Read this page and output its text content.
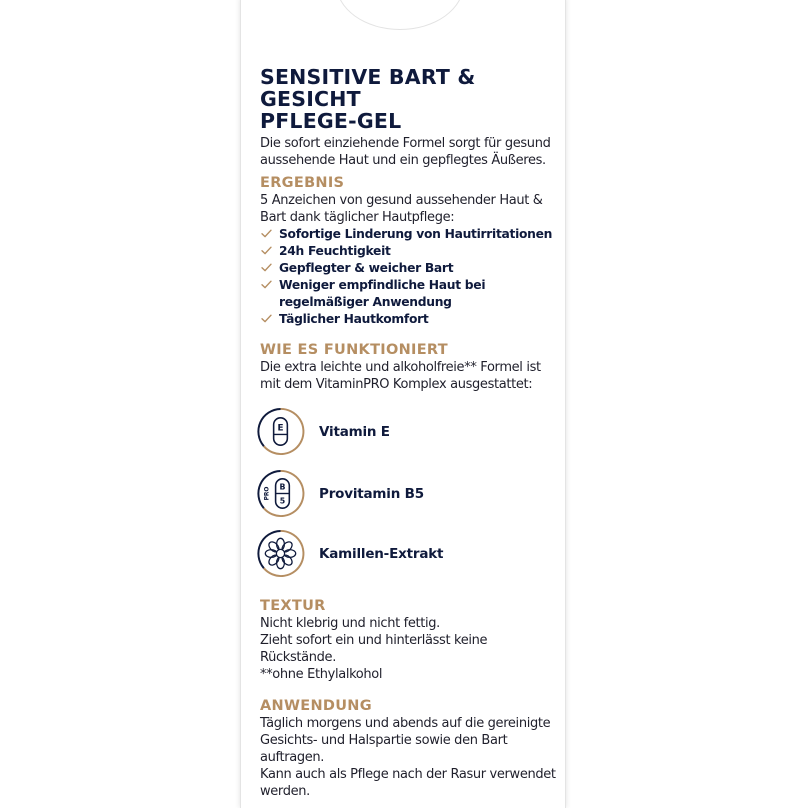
SENSITIVE BART & GESICHT
PFLEGE-GEL

Die sofort einziehende Formel sorgt für gesund aussehende Haut und ein gepflegtes Äußeres.

ERGEBNIS

5 Anzeichen von gesund aussehender Haut & Bart dank täglicher Hautpflege:

Sofortige Linderung von Hautirritationen
24h Feuchtigkeit
Gepflegter & weicher Bart
Weniger empfindliche Haut bei regelmäßiger Anwendung
Täglicher Hautkomfort
WIE ES FUNKTIONIERT

Die extra leichte und alkoholfreie** Formel ist mit dem VitaminPRO Komplex ausgestattet:

E	Vitamin E
B
5
PRO	Provitamin B5
Kamillen-Extrakt
TEXTUR

Nicht klebrig und nicht fettig.

Zieht sofort ein und hinterlässt keine Rückstände.

**ohne Ethylalkohol

ANWENDUNG

Täglich morgens und abends auf die gereinigte Gesichts- und Halspartie sowie den Bart auftragen.

Kann auch als Pflege nach der Rasur verwendet werden.
